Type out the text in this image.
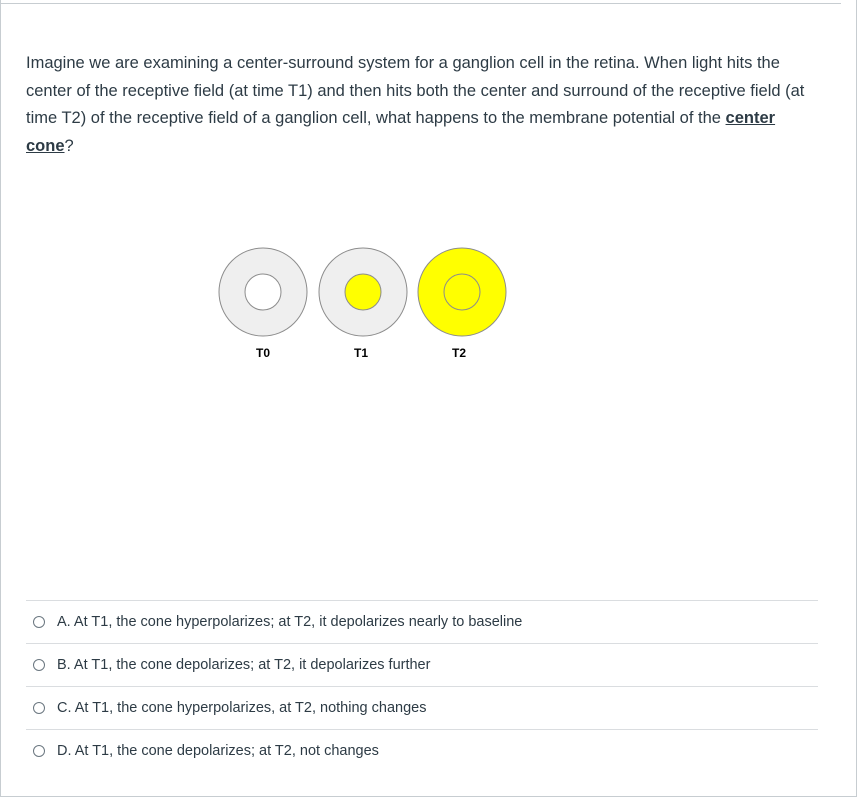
Imagine we are examining a center-surround system for a ganglion cell in the retina. When light hits the center of the receptive field (at time T1) and then hits both the center and surround of the receptive field (at time T2) of the receptive field of a ganglion cell, what happens to the membrane potential of the center cone?
T0	T1	T2
A. At T1, the cone hyperpolarizes; at T2, it depolarizes nearly to baseline
B. At T1, the cone depolarizes; at T2, it depolarizes further
C. At T1, the cone hyperpolarizes, at T2, nothing changes
D. At T1, the cone depolarizes; at T2, not changes
